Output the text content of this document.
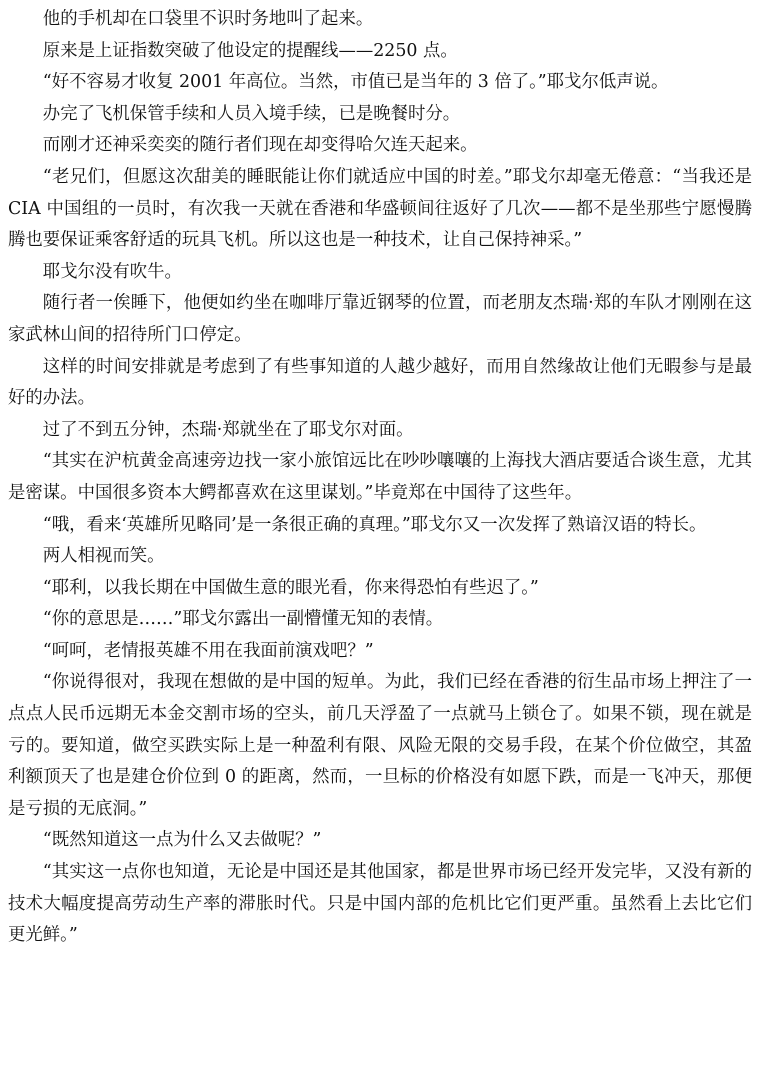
他的手机却在口袋里不识时务地叫了起来。

原来是上证指数突破了他设定的提醒线——2250 点。

“好不容易才收复 2001 年高位。当然，市值已是当年的 3 倍了。”耶戈尔低声说。

办完了飞机保管手续和人员入境手续，已是晚餐时分。

而刚才还神采奕奕的随行者们现在却变得哈欠连天起来。

“老兄们，但愿这次甜美的睡眠能让你们就适应中国的时差。”耶戈尔却毫无倦意：“当我还是 CIA 中国组的一员时，有次我一天就在香港和华盛顿间往返好了几次——都不是坐那些宁愿慢腾腾也要保证乘客舒适的玩具飞机。所以这也是一种技术，让自己保持神采。”

耶戈尔没有吹牛。

随行者一俟睡下，他便如约坐在咖啡厅靠近钢琴的位置，而老朋友杰瑞·郑的车队才刚刚在这家武林山间的招待所门口停定。

这样的时间安排就是考虑到了有些事知道的人越少越好，而用自然缘故让他们无暇参与是最好的办法。

过了不到五分钟，杰瑞·郑就坐在了耶戈尔对面。

“其实在沪杭黄金高速旁边找一家小旅馆远比在吵吵嚷嚷的上海找大酒店要适合谈生意，尤其是密谋。中国很多资本大鳄都喜欢在这里谋划。”毕竟郑在中国待了这些年。

“哦，看来‘英雄所见略同’是一条很正确的真理。”耶戈尔又一次发挥了熟谙汉语的特长。

两人相视而笑。

“耶利，以我长期在中国做生意的眼光看，你来得恐怕有些迟了。”

“你的意思是……”耶戈尔露出一副懵懂无知的表情。

“呵呵，老情报英雄不用在我面前演戏吧？”

“你说得很对，我现在想做的是中国的短单。为此，我们已经在香港的衍生品市场上押注了一点点人民币远期无本金交割市场的空头，前几天浮盈了一点就马上锁仓了。如果不锁，现在就是亏的。要知道，做空买跌实际上是一种盈利有限、风险无限的交易手段，在某个价位做空，其盈利额顶天了也是建仓价位到 0 的距离，然而，一旦标的价格没有如愿下跌，而是一飞冲天，那便是亏损的无底洞。”

“既然知道这一点为什么又去做呢？”

“其实这一点你也知道，无论是中国还是其他国家，都是世界市场已经开发完毕，又没有新的技术大幅度提高劳动生产率的滞胀时代。只是中国内部的危机比它们更严重。虽然看上去比它们更光鲜。”
